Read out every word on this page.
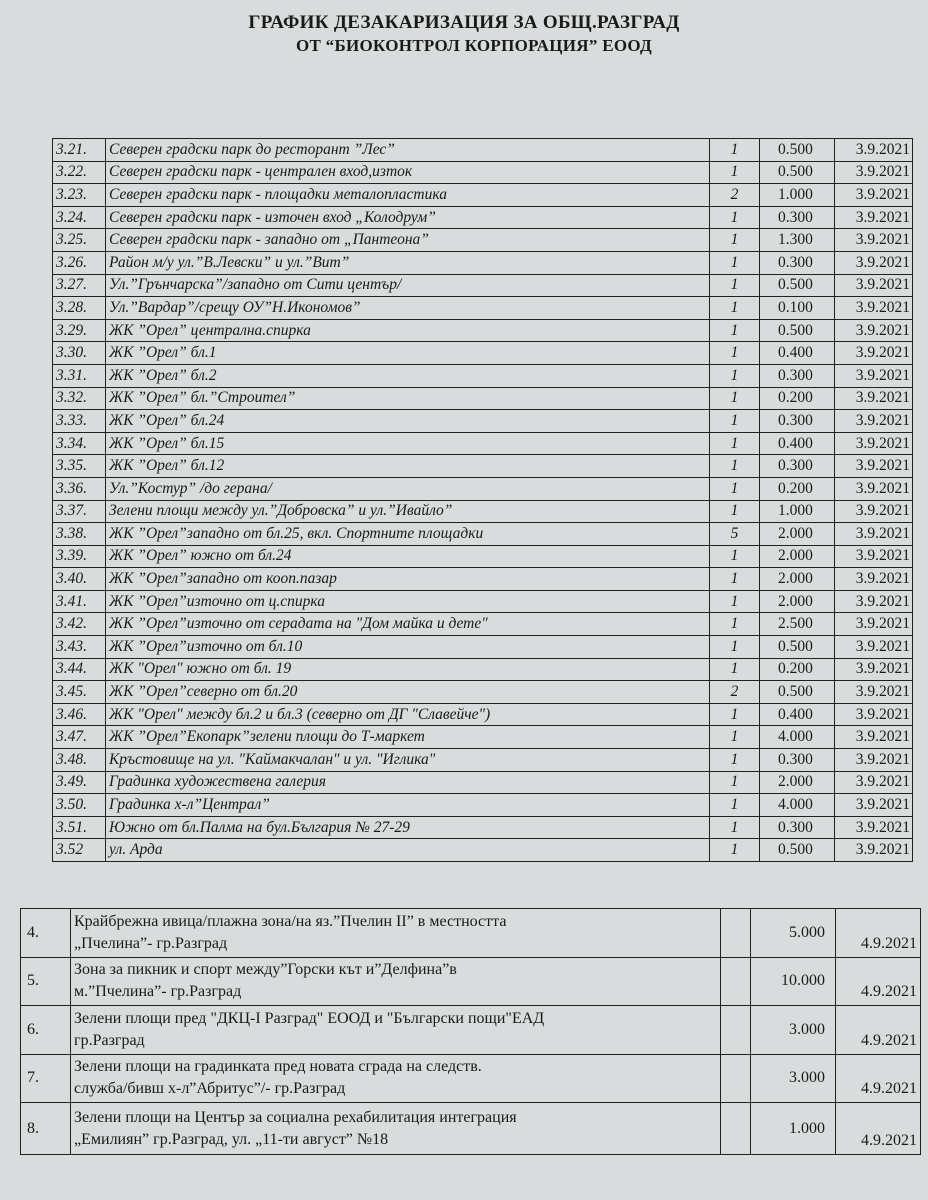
ГРАФИК ДЕЗАКАРИЗАЦИЯ ЗА ОБЩ.РАЗГРАД
ОТ “БИОКОНТРОЛ КОРПОРАЦИЯ” ЕООД
3.21.	Северен градски парк до ресторант ”Лес”	1	0.500	3.9.2021
3.22.	Северен градски парк - централен вход,изток	1	0.500	3.9.2021
3.23.	Северен градски парк - площадки металопластика	2	1.000	3.9.2021
3.24.	Северен градски парк - източен вход „Колодрум”	1	0.300	3.9.2021
3.25.	Северен градски парк - западно от „Пантеона”	1	1.300	3.9.2021
3.26.	Район м/у ул.”В.Левски” и ул.”Вит”	1	0.300	3.9.2021
3.27.	Ул.”Грънчарска”/западно от Сити център/	1	0.500	3.9.2021
3.28.	Ул.”Вардар”/срещу ОУ”Н.Икономов”	1	0.100	3.9.2021
3.29.	ЖК ”Орел” централна.спирка	1	0.500	3.9.2021
3.30.	ЖК ”Орел” бл.1	1	0.400	3.9.2021
3.31.	ЖК ”Орел” бл.2	1	0.300	3.9.2021
3.32.	ЖК ”Орел” бл.”Строител”	1	0.200	3.9.2021
3.33.	ЖК ”Орел” бл.24	1	0.300	3.9.2021
3.34.	ЖК ”Орел” бл.15	1	0.400	3.9.2021
3.35.	ЖК ”Орел” бл.12	1	0.300	3.9.2021
3.36.	Ул.”Костур” /до герана/	1	0.200	3.9.2021
3.37.	Зелени площи между ул.”Добровска” и ул.”Ивайло”	1	1.000	3.9.2021
3.38.	ЖК ”Орел”западно от бл.25, вкл. Спортните площадки	5	2.000	3.9.2021
3.39.	ЖК ”Орел” южно от бл.24	1	2.000	3.9.2021
3.40.	ЖК ”Орел”западно от кооп.пазар	1	2.000	3.9.2021
3.41.	ЖК ”Орел”източно от ц.спирка	1	2.000	3.9.2021
3.42.	ЖК ”Орел”източно от серадата на "Дом майка и дете"	1	2.500	3.9.2021
3.43.	ЖК ”Орел”източно от бл.10	1	0.500	3.9.2021
3.44.	ЖК "Орел" южно от бл. 19	1	0.200	3.9.2021
3.45.	ЖК ”Орел”северно от бл.20	2	0.500	3.9.2021
3.46.	ЖК "Орел" между бл.2 и бл.3 (северно от ДГ "Славейче")	1	0.400	3.9.2021
3.47.	ЖК ”Орел”Екопарк”зелени площи до Т-маркет	1	4.000	3.9.2021
3.48.	Кръстовище на ул. "Каймакчалан" и ул. "Иглика"	1	0.300	3.9.2021
3.49.	Градинка художествена галерия	1	2.000	3.9.2021
3.50.	Градинка х-л”Централ”	1	4.000	3.9.2021
3.51.	Южно от бл.Палма на бул.България № 27-29	1	0.300	3.9.2021
3.52	ул. Арда	1	0.500	3.9.2021
4.	Крайбрежна ивица/плажна зона/на яз.”Пчелин II” в местността
„Пчелина”- гр.Разград		5.000	4.9.2021
5.	Зона за пикник и спорт между”Горски кът и”Делфина”в
м.”Пчелина”- гр.Разград		10.000	4.9.2021
6.	Зелени площи пред "ДКЦ-I Разград" ЕООД и "Български пощи"ЕАД
гр.Разград		3.000	4.9.2021
7.	Зелени площи на градинката пред новата сграда на следств.
служба/бивш х-л”Абритус”/- гр.Разград		3.000	4.9.2021
8.	Зелени площи на Център за социална рехабилитация интеграция
„Емилиян” гр.Разград, ул. „11-ти август” №18		1.000	4.9.2021
